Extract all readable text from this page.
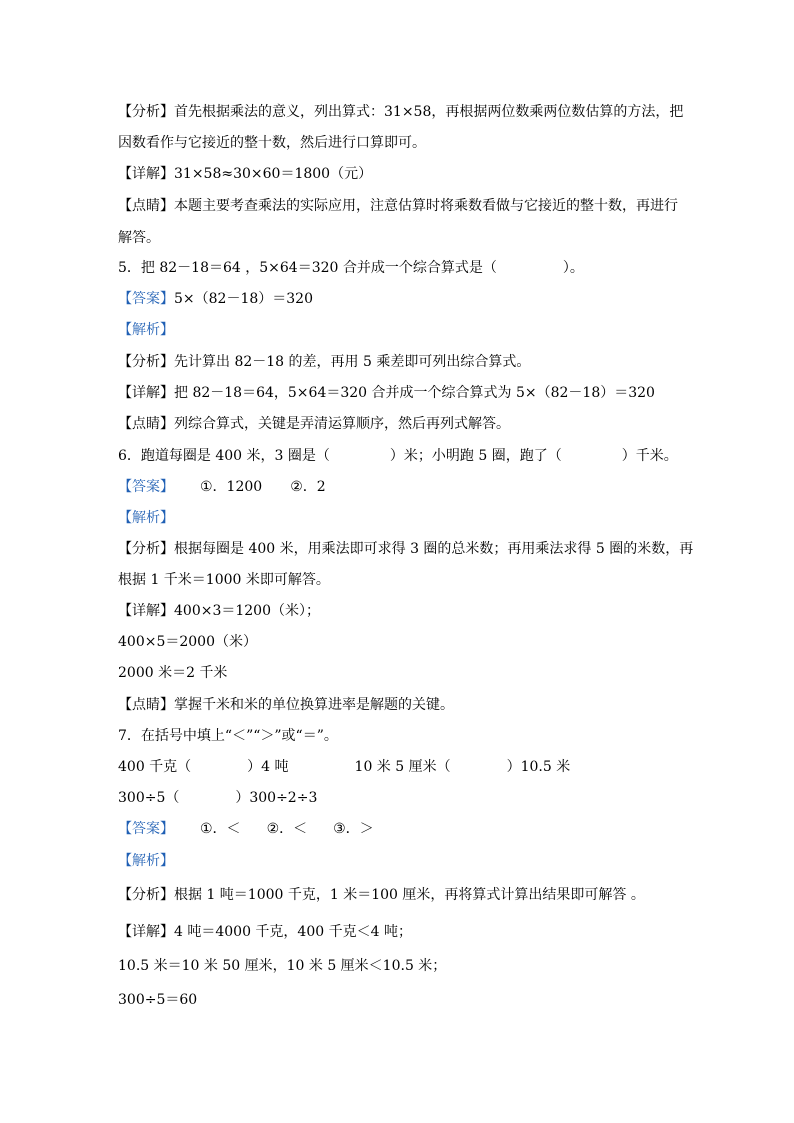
【分析】首先根据乘法的意义，列出算式：31×58，再根据两位数乘两位数估算的方法，把
因数看作与它接近的整十数，然后进行口算即可。
【详解】31×58≈30×60＝1800（元）
【点睛】本题主要考查乘法的实际应用，注意估算时将乘数看做与它接近的整十数，再进行
解答。
5．把 82－18＝64 ，5×64＝320 合并成一个综合算式是（	）。
【答案】5×（82－18）＝320
【解析】
【分析】先计算出 82－18 的差，再用 5 乘差即可列出综合算式。
【详解】把 82－18＝64，5×64＝320 合并成一个综合算式为 5×（82－18）＝320
【点睛】列综合算式，关键是弄清运算顺序，然后再列式解答。
6．跑道每圈是 400 米，3 圈是（	）米；小明跑 5 圈，跑了（	）千米。
【答案】 ①．1200 ②．2
【解析】
【分析】根据每圈是 400 米，用乘法即可求得 3 圈的总米数；再用乘法求得 5 圈的米数，再
根据 1 千米＝1000 米即可解答。
【详解】400×3＝1200（米）；
400×5＝2000（米）
2000 米＝2 千米
【点睛】掌握千米和米的单位换算进率是解题的关键。
7．在括号中填上“＜”“＞”或“＝”。
400 千克（	）4 吨	10 米 5 厘米（	）10.5 米
300÷5（	）300÷2÷3
【答案】 ①．＜ ②．＜ ③．＞
【解析】
【分析】根据 1 吨＝1000 千克，1 米＝100 厘米，再将算式计算出结果即可解答 。
【详解】4 吨＝4000 千克，400 千克＜4 吨；
10.5 米＝10 米 50 厘米，10 米 5 厘米＜10.5 米；
300÷5＝60
